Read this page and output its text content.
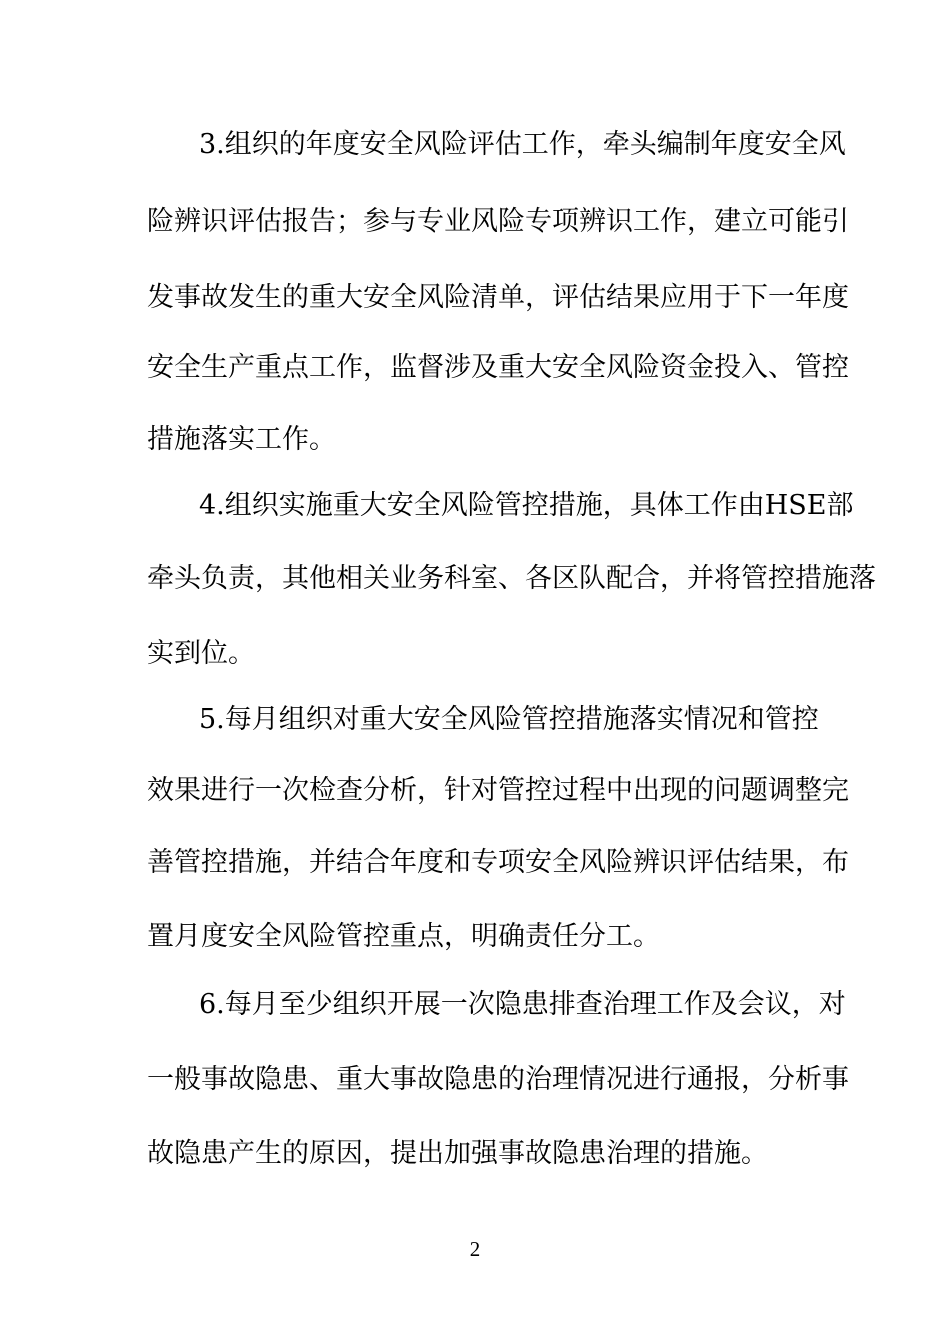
3.组织的年度安全风险评估工作，牵头编制年度安全风
险辨识评估报告；参与专业风险专项辨识工作，建立可能引
发事故发生的重大安全风险清单，评估结果应用于下一年度
安全生产重点工作，监督涉及重大安全风险资金投入、管控
措施落实工作。
4.组织实施重大安全风险管控措施，具体工作由HSE部
牵头负责，其他相关业务科室、各区队配合，并将管控措施落
实到位。
5.每月组织对重大安全风险管控措施落实情况和管控
效果进行一次检查分析，针对管控过程中出现的问题调整完
善管控措施，并结合年度和专项安全风险辨识评估结果，布
置月度安全风险管控重点，明确责任分工。
6.每月至少组织开展一次隐患排查治理工作及会议，对
一般事故隐患、重大事故隐患的治理情况进行通报，分析事
故隐患产生的原因，提出加强事故隐患治理的措施。
2
